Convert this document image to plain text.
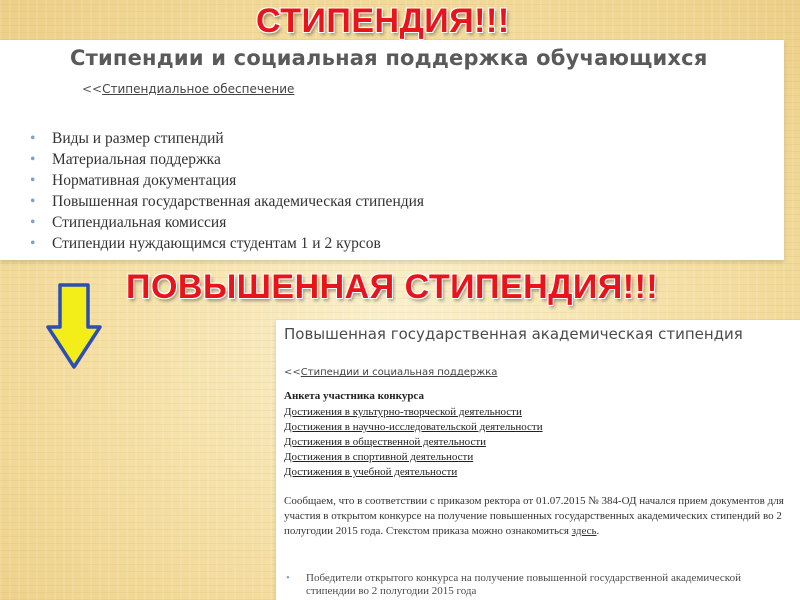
СТИПЕНДИЯ!!!
Стипендии и социальная поддержка обучающихся
<<Стипендиальное обеспечение
• Виды и размер стипендий
• Материальная поддержка
• Нормативная документация
• Повышенная государственная академическая стипендия
• Стипендиальная комиссия
• Стипендии нуждающимся студентам 1 и 2 курсов
ПОВЫШЕННАЯ СТИПЕНДИЯ!!!
Повышенная государственная академическая стипендия
<<Стипендии и социальная поддержка
Анкета участника конкурса
Достижения в культурно-творческой деятельности
Достижения в научно-исследовательской деятельности
Достижения в общественной деятельности
Достижения в спортивной деятельности
Достижения в учебной деятельности

Сообщаем, что в соответствии с приказом ректора от 01.07.2015 № 384-ОД начался прием документов для участия в открытом конкурсе на получение повышенных государственных академических стипендий во 2 полугодии 2015 года. Стекстом приказа можно ознакомиться здесь.

• Победители открытого конкурса на получение повышенной государственной академической стипендии во 2 полугодии 2015 года
